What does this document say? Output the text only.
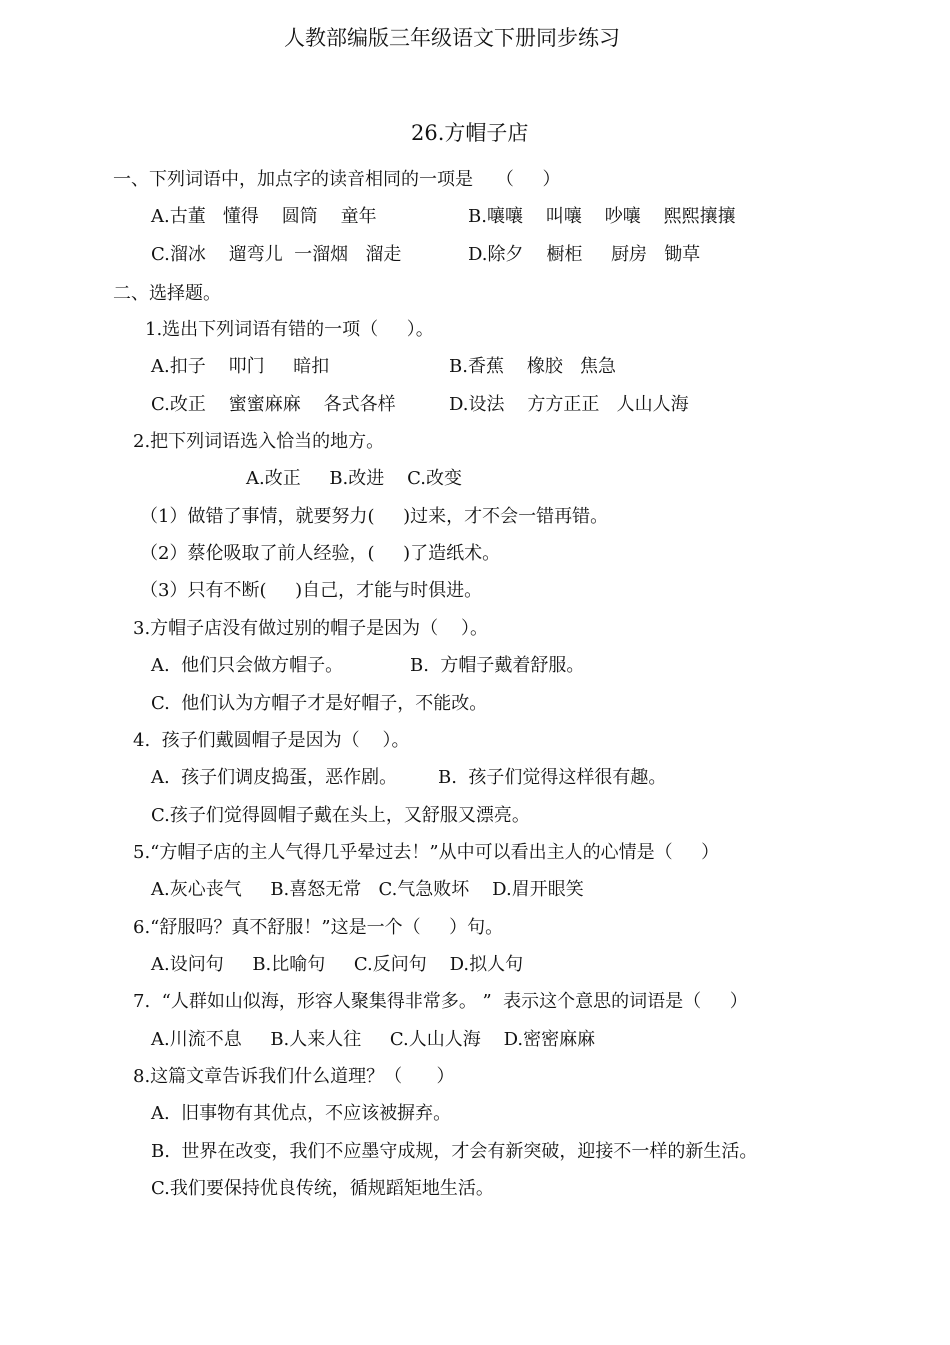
人教部编版三年级语文下册同步练习
26.方帽子店
一、下列词语中，加点字的读音相同的一项是    （     ）
A.古董   懂得    圆筒    童年	B.嚷嚷    叫嚷    吵嚷    熙熙攘攘
C.溜冰    遛弯儿  一溜烟   溜走	D.除夕    橱柜     厨房   锄草
二、选择题。
1.选出下列词语有错的一项（     ）。
A.扣子    叩门     暗扣	B.香蕉    橡胶   焦急
C.改正    蜜蜜麻麻    各式各样	D.设法    方方正正   人山人海
2.把下列词语选入恰当的地方。
A.改正     B.改进    C.改变
（1）做错了事情，就要努力(     )过来，才不会一错再错。
（2）蔡伦吸取了前人经验，(     )了造纸术。
（3）只有不断(     )自己，才能与时俱进。
3.方帽子店没有做过别的帽子是因为（    ）。
A.  他们只会做方帽子。	B.  方帽子戴着舒服。
C.  他们认为方帽子才是好帽子，不能改。
4.  孩子们戴圆帽子是因为（    ）。
A.  孩子们调皮捣蛋，恶作剧。 B.  孩子们觉得这样很有趣。
C.孩子们觉得圆帽子戴在头上，又舒服又漂亮。
5.“方帽子店的主人气得几乎晕过去！”从中可以看出主人的心情是（     ）
A.灰心丧气     B.喜怒无常   C.气急败坏    D.眉开眼笑
6.“舒服吗？真不舒服！”这是一个（     ）句。
A.设问句     B.比喻句     C.反问句    D.拟人句
7.  “人群如山似海，形容人聚集得非常多。 ”  表示这个意思的词语是（     ）
A.川流不息     B.人来人往     C.人山人海    D.密密麻麻
8.这篇文章告诉我们什么道理？（      ）
A.  旧事物有其优点，不应该被摒弃。
B.  世界在改变，我们不应墨守成规，才会有新突破，迎接不一样的新生活。
C.我们要保持优良传统，循规蹈矩地生活。
